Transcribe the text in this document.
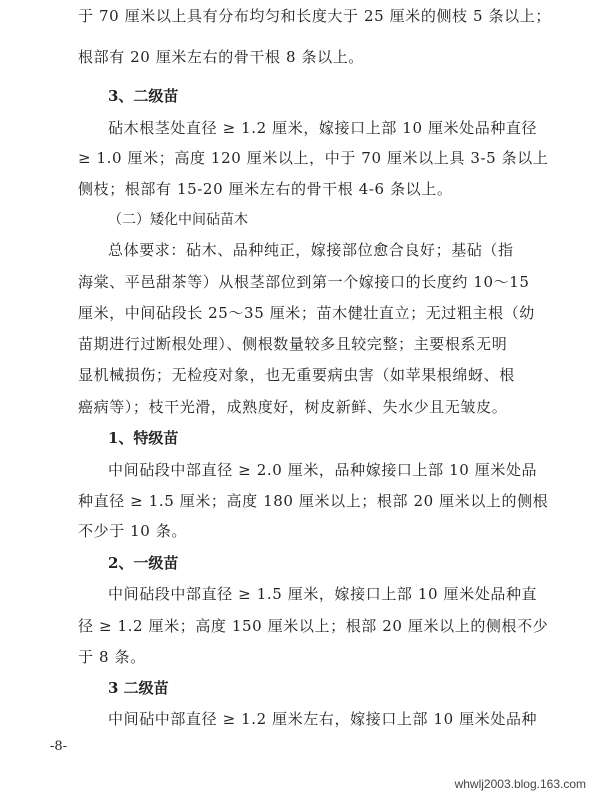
于 70 厘米以上具有分布均匀和长度大于 25 厘米的侧枝 5 条以上；
根部有 20 厘米左右的骨干根 8 条以上。
3、二级苗
砧木根茎处直径 ≥ 1.2 厘米，嫁接口上部 10 厘米处品种直径
≥ 1.0 厘米；高度 120 厘米以上，中于 70 厘米以上具 3-5 条以上
侧枝；根部有 15-20 厘米左右的骨干根 4-6 条以上。
（二）矮化中间砧苗木
总体要求：砧木、品种纯正，嫁接部位愈合良好；基砧（指
海棠、平邑甜茶等）从根茎部位到第一个嫁接口的长度约 10～15
厘米，中间砧段长 25～35 厘米；苗木健壮直立；无过粗主根（幼
苗期进行过断根处理）、侧根数量较多且较完整；主要根系无明
显机械损伤；无检疫对象，也无重要病虫害（如苹果根绵蚜、根
癌病等）；枝干光滑，成熟度好，树皮新鲜、失水少且无皱皮。
1、特级苗
中间砧段中部直径 ≥ 2.0 厘米，品种嫁接口上部 10 厘米处品
种直径 ≥ 1.5 厘米；高度 180 厘米以上；根部 20 厘米以上的侧根
不少于 10 条。
2、一级苗
中间砧段中部直径 ≥ 1.5 厘米，嫁接口上部 10 厘米处品种直
径 ≥ 1.2 厘米；高度 150 厘米以上；根部 20 厘米以上的侧根不少
于 8 条。
3 二级苗
中间砧中部直径 ≥ 1.2 厘米左右，嫁接口上部 10 厘米处品种
-8-
whwlj2003.blog.163.com
